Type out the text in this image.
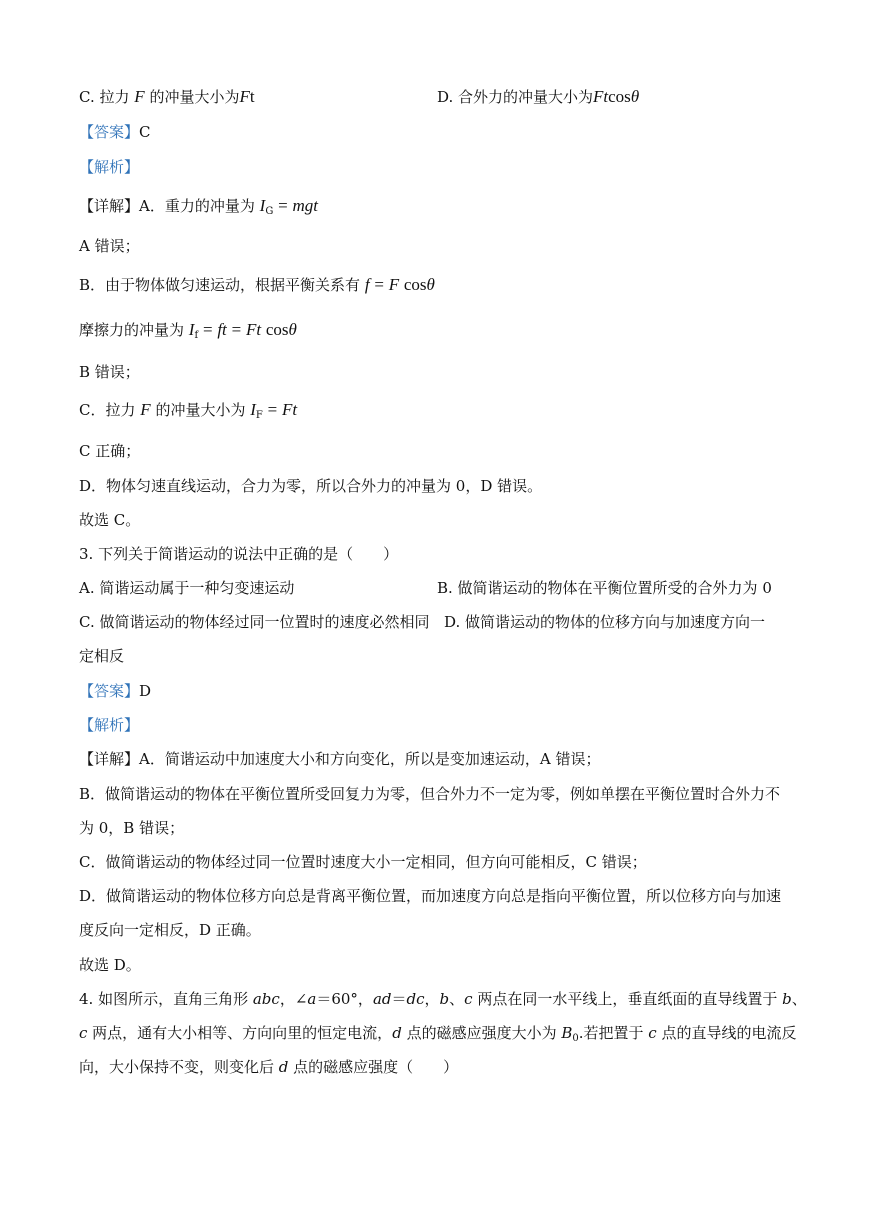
C. 拉力 F 的冲量大小为Ft	D. 合外力的冲量大小为Ftcosθ
【答案】C
【解析】
【详解】A．重力的冲量为 $I_G$ = mgt
A 错误；
B．由于物体做匀速运动，根据平衡关系有 f = F cosθ
摩擦力的冲量为 $I_f$ = ft = Ft cosθ
B 错误；
C．拉力 F 的冲量大小为 $I_F = Ft$
C 正确；
D．物体匀速直线运动，合力为零，所以合外力的冲量为 0，D 错误。
故选 C。
3. 下列关于简谐运动的说法中正确的是（　　）
A. 简谐运动属于一种匀变速运动	B. 做简谐运动的物体在平衡位置所受的合外力为 0
C. 做简谐运动的物体经过同一位置时的速度必然相同 D. 做简谐运动的物体的位移方向与加速度方向一
定相反
【答案】D
【解析】
【详解】A．简谐运动中加速度大小和方向变化，所以是变加速运动，A 错误；
B．做简谐运动的物体在平衡位置所受回复力为零，但合外力不一定为零，例如单摆在平衡位置时合外力不
为 0，B 错误；
C．做简谐运动的物体经过同一位置时速度大小一定相同，但方向可能相反，C 错误；
D．做简谐运动的物体位移方向总是背离平衡位置，而加速度方向总是指向平衡位置，所以位移方向与加速
度反向一定相反，D 正确。
故选 D。
4. 如图所示，直角三角形 abc，∠a＝60°，ad＝dc，b、c 两点在同一水平线上，垂直纸面的直导线置于 b、
c 两点，通有大小相等、方向向里的恒定电流，d 点的磁感应强度大小为 $B_0$.若把置于 c 点的直导线的电流反
向，大小保持不变，则变化后 d 点的磁感应强度（　　）
